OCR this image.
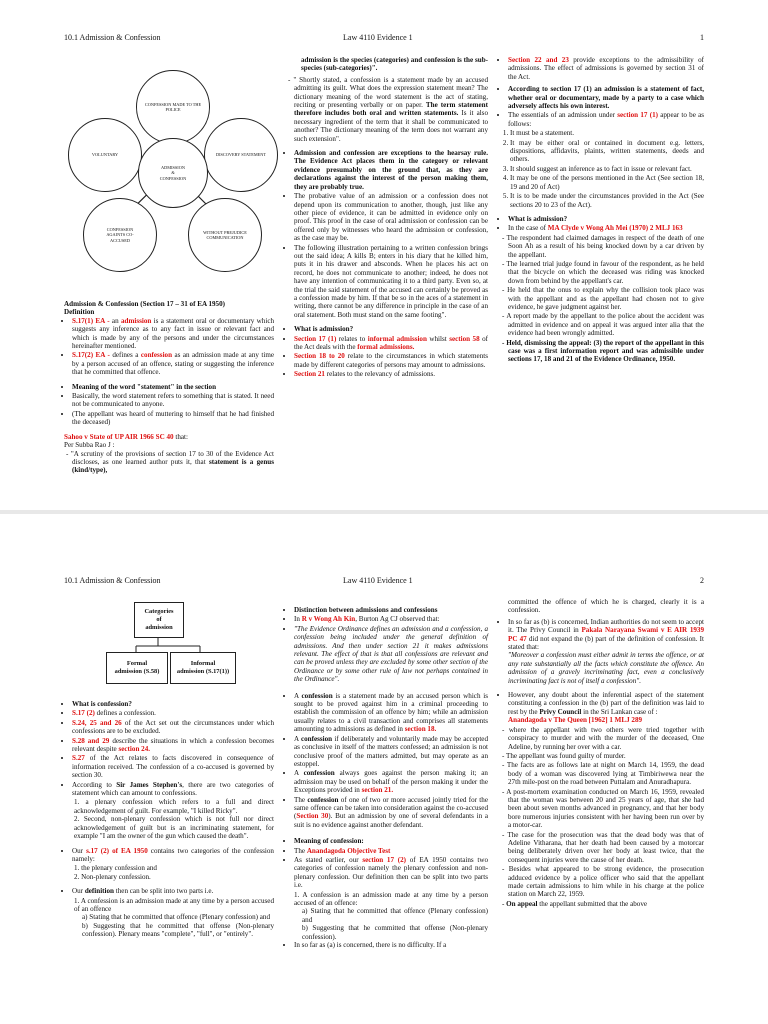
10.1 Admission & Confession	Law 4110 Evidence 1	1
CONFESSION MADE TO THE POLICE
VOLUNTARY	DISCOVERY STATEMENT
ADMISSION
&
CONFESSION
CONFESSION AGAINTS CO-ACCUSED
WITHOUT PREJUDICE COMMUNICATION

Admission & Confession (Section 17 – 31 of EA 1950)

Definition

• S.17(1) EA - an admission is a statement oral or documentary which suggests any inference as to any fact in issue or relevant fact and which is made by any of the persons and under the circumstances hereinafter mentioned.
• S.17(2) EA - defines a confession as an admission made at any time by a person accused of an offence, stating or suggesting the inference that he committed that offence.
• Meaning of the word "statement" in the section
• Basically, the word statement refers to something that is stated. It need not be communicated to anyone.
• (The appellant was heard of muttering to himself that he had finished the deceased)

Sahoo v State of UP AIR 1966 SC 40 that:

Per Subba Rao J :

- "A scrutiny of the provisions of section 17 to 30 of the Evidence Act discloses, as one learned author puts it, that statement is a genus (kind/type),

admission is the species (categories) and confession is the sub-species (sub-categories)".

- " Shortly stated, a confession is a statement made by an accused admitting its guilt. What does the expression statement mean? The dictionary meaning of the word statement is the act of stating, reciting or presenting verbally or on paper. The term statement therefore includes both oral and written statements. Is it also necessary ingredient of the term that it shall be communicated to another? The dictionary meaning of the term does not warrant any such extension".
• Admission and confession are exceptions to the hearsay rule. The Evidence Act places them in the category or relevant evidence presumably on the ground that, as they are declarations against the interest of the person making them, they are probably true.
• The probative value of an admission or a confession does not depend upon its communication to another, though, just like any other piece of evidence, it can be admitted in evidence only on proof. This proof in the case of oral admission or confession can be offered only by witnesses who heard the admission or confession, as the case may be.
• The following illustration pertaining to a written confession brings out the said idea; A kills B; enters in his diary that he killed him, puts it in his drawer and absconds. When he places his act on record, he does not communicate to another; indeed, he does not have any intention of communicating it to a third party. Even so, at the trial the said statement of the accused can certainly be proved as a confession made by him. If that be so in the aces of a statement in writing, there cannot be any difference in principle in the case of an oral statement. Both must stand on the same footing".
• What is admission?
• Section 17 (1) relates to informal admission whilst section 58 of the Act deals with the formal admissions.
• Section 18 to 20 relate to the circumstances in which statements made by different categories of persons may amount to admissions.
• Section 21 relates to the relevancy of admissions.
• Section 22 and 23 provide exceptions to the admissibility of admissions. The effect of admissions is governed by section 31 of the Act.
• According to section 17 (1) an admission is a statement of fact, whether oral or documentary, made by a party to a case which adversely affects his own interest.
• The essentials of an admission under section 17 (1) appear to be as follows:
1. It must be a statement.
2. It may be either oral or contained in document e.g. letters, dispositions, affidavits, plaints, written statements, deeds and others.
3. It should suggest an inference as to fact in issue or relevant fact.
4. It may be one of the persons mentioned in the Act (See section 18, 19 and 20 of Act)
5. It is to be made under the circumstances provided in the Act (See sections 20 to 23 of the Act).
• What is admission?
• In the case of MA Clyde v Wong Ah Mei (1970) 2 MLJ 163
- The respondent had claimed damages in respect of the death of one Soon Ah as a result of his being knocked down by a car driven by the appellant.
- The learned trial judge found in favour of the respondent, as he held that the bicycle on which the deceased was riding was knocked down from behind by the appellant's car.
- He held that the onus to explain why the collision took place was with the appellant and as the appellant had chosen not to give evidence, he gave judgment against her.
- A report made by the appellant to the police about the accident was admitted in evidence and on appeal it was argued inter alia that the evidence had been wrongly admitted.
- Held, dismissing the appeal: (3) the report of the appellant in this case was a first information report and was admissible under sections 17, 18 and 21 of the Evidence Ordinance, 1950.
10.1 Admission & Confession	Law 4110 Evidence 1	2
Categories
of
admission
Formal
admission (S.58)
Informal
admission (S.17(1))
• What is confession?
• S.17 (2) defines a confession.
• S.24, 25 and 26 of the Act set out the circumstances under which confessions are to be excluded.
• S.28 and 29 describe the situations in which a confession becomes relevant despite section 24.
• S.27 of the Act relates to facts discovered in consequence of information received. The confession of a co-accused is governed by section 30.
• According to Sir James Stephen's, there are two categories of statement which can amount to confessions.

1. a plenary confession which refers to a full and direct acknowledgement of guilt. For example, "I killed Ricky".

2. Second, non-plenary confession which is not full nor direct acknowledgement of guilt but is an incriminating statement, for example "I am the owner of the gun which caused the death".

• Our s.17 (2) of EA 1950 contains two categories of the confession namely:

1. the plenary confession and

2. Non-plenary confession.

• Our definition then can be split into two parts i.e.

1. A confession is an admission made at any time by a person accused of an offence

a) Stating that he committed that offence (Plenary confession) and

b) Suggesting that he committed that offense (Non-plenary confession). Plenary means "complete", "full", or "entirely".

• Distinction between admissions and confessions
• In R v Wong Ah Kin, Burton Ag CJ observed that:
• "The Evidence Ordinance defines an admission and a confession, a confession being included under the general definition of admissions. And then under section 21 it makes admissions relevant. The effect of that is that all confessions are relevant and can be proved unless they are excluded by some other section of the Ordinance or by some other rule of law not perhaps contained in the Ordinance".
• A confession is a statement made by an accused person which is sought to be proved against him in a criminal proceeding to establish the commission of an offence by him; while an admission usually relates to a civil transaction and comprises all statements amounting to admissions as defined in section 18.
• A confession if deliberately and voluntarily made may be accepted as conclusive in itself of the matters confessed; an admission is not conclusive proof of the matters admitted, but may operate as an estoppel.
• A confession always goes against the person making it; an admission may be used on behalf of the person making it under the Exceptions provided in section 21.
• The confession of one of two or more accused jointly tried for the same offence can be taken into consideration against the co-accused (Section 30). But an admission by one of several defendants in a suit is no evidence against another defendant.
• Meaning of confession:
• The Anandagoda Objective Test
• As stated earlier, our section 17 (2) of EA 1950 contains two categories of confession namely the plenary confession and non-plenary confession. Our definition then can be split into two parts i.e.

1. A confession is an admission made at any time by a person accused of an offence:

a) Stating that he committed that offence (Plenary confession) and

b) Suggesting that he committed that offense (Non-plenary confession).

• In so far as (a) is concerned, there is no difficulty. If a

committed the offence of which he is charged, clearly it is a confession.

• In so far as (b) is concerned, Indian authorities do not seem to accept it. The Privy Council in Pakala Narayana Swami v E AIR 1939 PC 47 did not expand the (b) part of the definition of confession. It stated that:
"Moreover a confession must either admit in terms the offence, or at any rate substantially all the facts which constitute the offence. An admission of a gravely incriminating fact, even a conclusively incriminating fact is not of itself a confession".
• However, any doubt about the inferential aspect of the statement constituting a confession in the (b) part of the definition was laid to rest by the Privy Council in the Sri Lankan case of :
Anandagoda v The Queen [1962] 1 MLJ 289
- where the appellant with two others were tried together with conspiracy to murder and with the murder of the deceased, One Adeline, by running her over with a car.
- The appellant was found guilty of murder.
- The facts are as follows late at night on March 14, 1959, the dead body of a woman was discovered lying at Timbiriwewa near the 27th mile-post on the road between Puttalam and Anuradhapura.
- A post-mortem examination conducted on March 16, 1959, revealed that the woman was between 20 and 25 years of age, that she had been about seven months advanced in pregnancy, and that her body bore numerous injuries consistent with her having been run over by a motor-car.
- The case for the prosecution was that the dead body was that of Adeline Vitharana, that her death had been caused by a motorcar being deliberately driven over her body at least twice, that the consequent injuries were the cause of her death.
- Besides what appeared to be strong evidence, the prosecution adduced evidence by a police officer who said that the appellant made certain admissions to him while in his charge at the police station on March 22, 1959.
- On appeal the appellant submitted that the above
